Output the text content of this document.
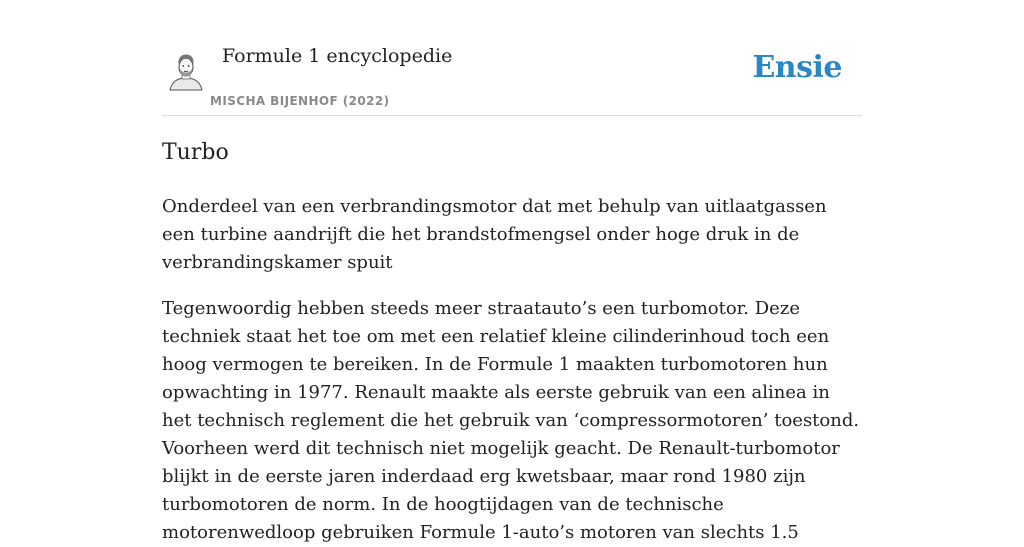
Formule 1 encyclopedie
MISCHA BIJENHOF (2022)
Ensie
Turbo

Onderdeel van een verbrandingsmotor dat met behulp van uitlaatgassen een turbine aandrijft die het brandstofmengsel onder hoge druk in de verbrandingskamer spuit

Tegenwoordig hebben steeds meer straatauto’s een turbomotor. Deze techniek staat het toe om met een relatief kleine cilinderinhoud toch een hoog vermogen te bereiken. In de Formule 1 maakten turbomotoren hun opwachting in 1977. Renault maakte als eerste gebruik van een alinea in het technisch reglement die het gebruik van ‘compressormotoren’ toestond. Voorheen werd dit technisch niet mogelijk geacht. De Renault-turbomotor blijkt in de eerste jaren inderdaad erg kwetsbaar, maar rond 1980 zijn turbomotoren de norm. In de hoogtijdagen van de technische motorenwedloop gebruiken Formule 1-auto’s motoren van slechts 1.5
